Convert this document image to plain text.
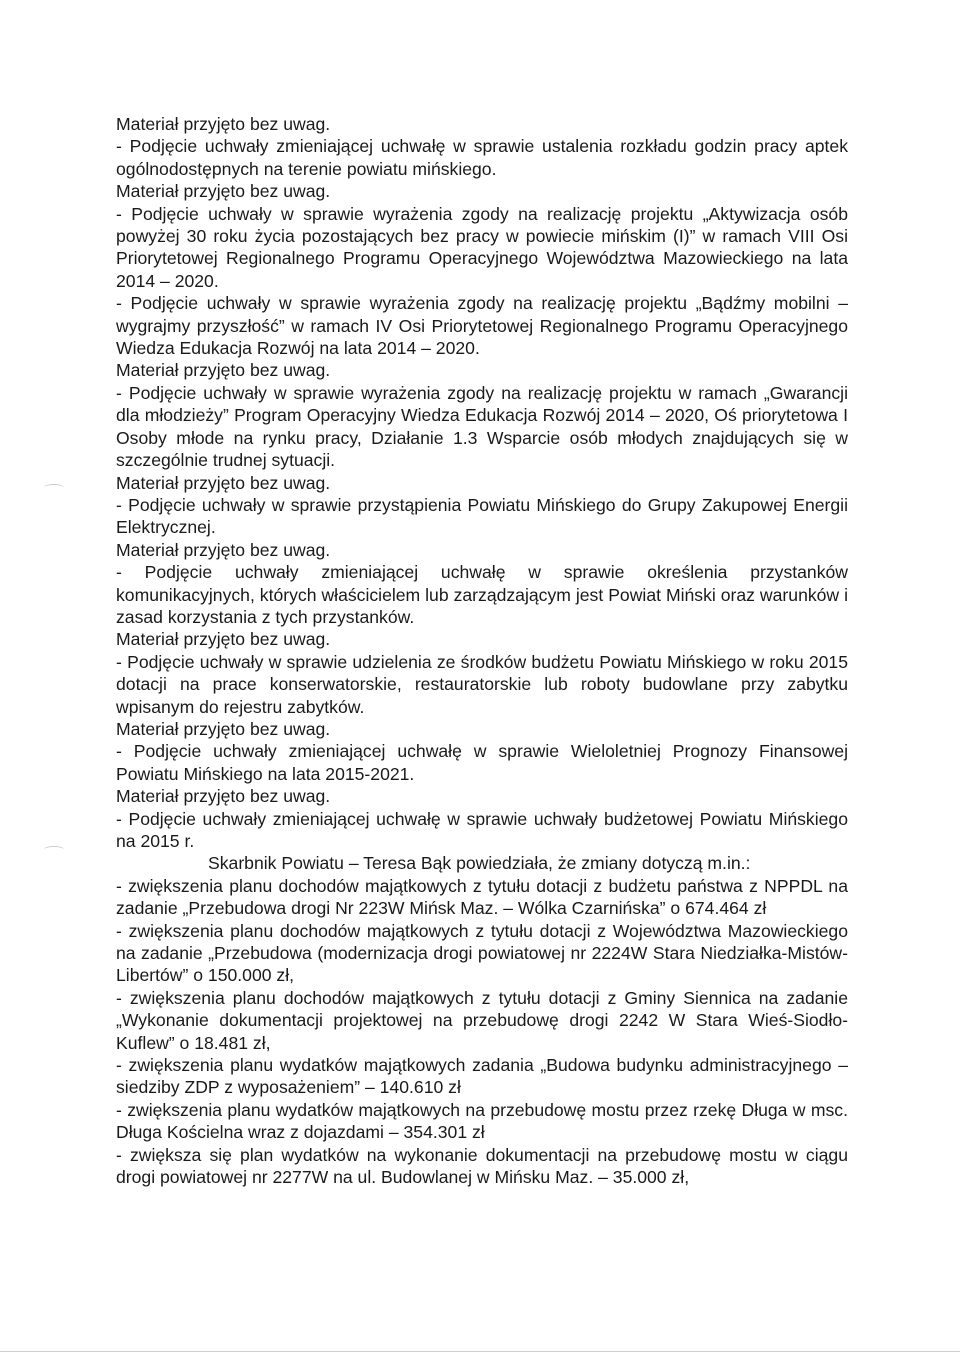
Materiał przyjęto bez uwag.

- Podjęcie uchwały zmieniającej uchwałę w sprawie ustalenia rozkładu godzin pracy aptek ogólnodostępnych na terenie powiatu mińskiego.

Materiał przyjęto bez uwag.

- Podjęcie uchwały w sprawie wyrażenia zgody na realizację projektu „Aktywizacja osób powyżej 30 roku życia pozostających bez pracy w powiecie mińskim (I)” w ramach VIII Osi Priorytetowej Regionalnego Programu Operacyjnego Województwa Mazowieckiego na lata 2014 – 2020.

- Podjęcie uchwały w sprawie wyrażenia zgody na realizację projektu „Bądźmy mobilni – wygrajmy przyszłość” w ramach IV Osi Priorytetowej Regionalnego Programu Operacyjnego Wiedza Edukacja Rozwój na lata 2014 – 2020.

Materiał przyjęto bez uwag.

- Podjęcie uchwały w sprawie wyrażenia zgody na realizację projektu w ramach „Gwarancji dla młodzieży” Program Operacyjny Wiedza Edukacja Rozwój 2014 – 2020, Oś priorytetowa I Osoby młode na rynku pracy, Działanie 1.3 Wsparcie osób młodych znajdujących się w szczególnie trudnej sytuacji.

Materiał przyjęto bez uwag.

- Podjęcie uchwały w sprawie przystąpienia Powiatu Mińskiego do Grupy Zakupowej Energii Elektrycznej.

Materiał przyjęto bez uwag.

- Podjęcie uchwały zmieniającej uchwałę w sprawie określenia przystanków komunikacyjnych, których właścicielem lub zarządzającym jest Powiat Miński oraz warunków i zasad korzystania z tych przystanków.

Materiał przyjęto bez uwag.

- Podjęcie uchwały w sprawie udzielenia ze środków budżetu Powiatu Mińskiego w roku 2015 dotacji na prace konserwatorskie, restauratorskie lub roboty budowlane przy zabytku wpisanym do rejestru zabytków.

Materiał przyjęto bez uwag.

- Podjęcie uchwały zmieniającej uchwałę w sprawie Wieloletniej Prognozy Finansowej Powiatu Mińskiego na lata 2015-2021.

Materiał przyjęto bez uwag.

- Podjęcie uchwały zmieniającej uchwałę w sprawie uchwały budżetowej Powiatu Mińskiego na 2015 r.

Skarbnik Powiatu – Teresa Bąk powiedziała, że zmiany dotyczą m.in.:

- zwiększenia planu dochodów majątkowych z tytułu dotacji z budżetu państwa z NPPDL na zadanie „Przebudowa drogi Nr 223W Mińsk Maz. – Wólka Czarnińska” o 674.464 zł

- zwiększenia planu dochodów majątkowych z tytułu dotacji z Województwa Mazowieckiego na zadanie „Przebudowa (modernizacja drogi powiatowej nr 2224W Stara Niedziałka-Mistów-Libertów” o 150.000 zł,

- zwiększenia planu dochodów majątkowych z tytułu dotacji z Gminy Siennica na zadanie „Wykonanie dokumentacji projektowej na przebudowę drogi 2242 W Stara Wieś-Siodło-Kuflew” o 18.481 zł,

- zwiększenia planu wydatków majątkowych zadania „Budowa budynku administracyjnego – siedziby ZDP z wyposażeniem” – 140.610 zł

- zwiększenia planu wydatków majątkowych na przebudowę mostu przez rzekę Długa w msc. Długa Kościelna wraz z dojazdami – 354.301 zł

- zwiększa się plan wydatków na wykonanie dokumentacji na przebudowę mostu w ciągu drogi powiatowej nr 2277W na ul. Budowlanej w Mińsku Maz. – 35.000 zł,
